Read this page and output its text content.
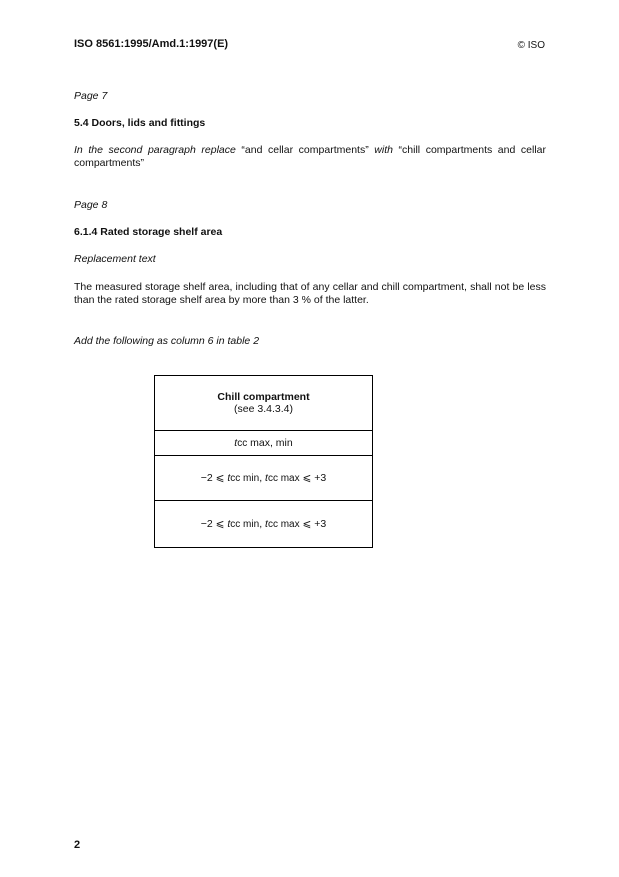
ISO 8561:1995/Amd.1:1997(E)	© ISO
Page 7
5.4 Doors, lids and fittings
In the second paragraph replace “and cellar compartments” with “chill compartments and cellar compartments”
Page 8
6.1.4 Rated storage shelf area
Replacement text
The measured storage shelf area, including that of any cellar and chill compartment, shall not be less than the rated storage shelf area by more than 3 % of the latter.
Add the following as column 6 in table 2
Chill compartment
(see 3.4.3.4)

tcc max, min
−2 ⩽ tcc min, tcc max ⩽ +3
−2 ⩽ tcc min, tcc max ⩽ +3
2
